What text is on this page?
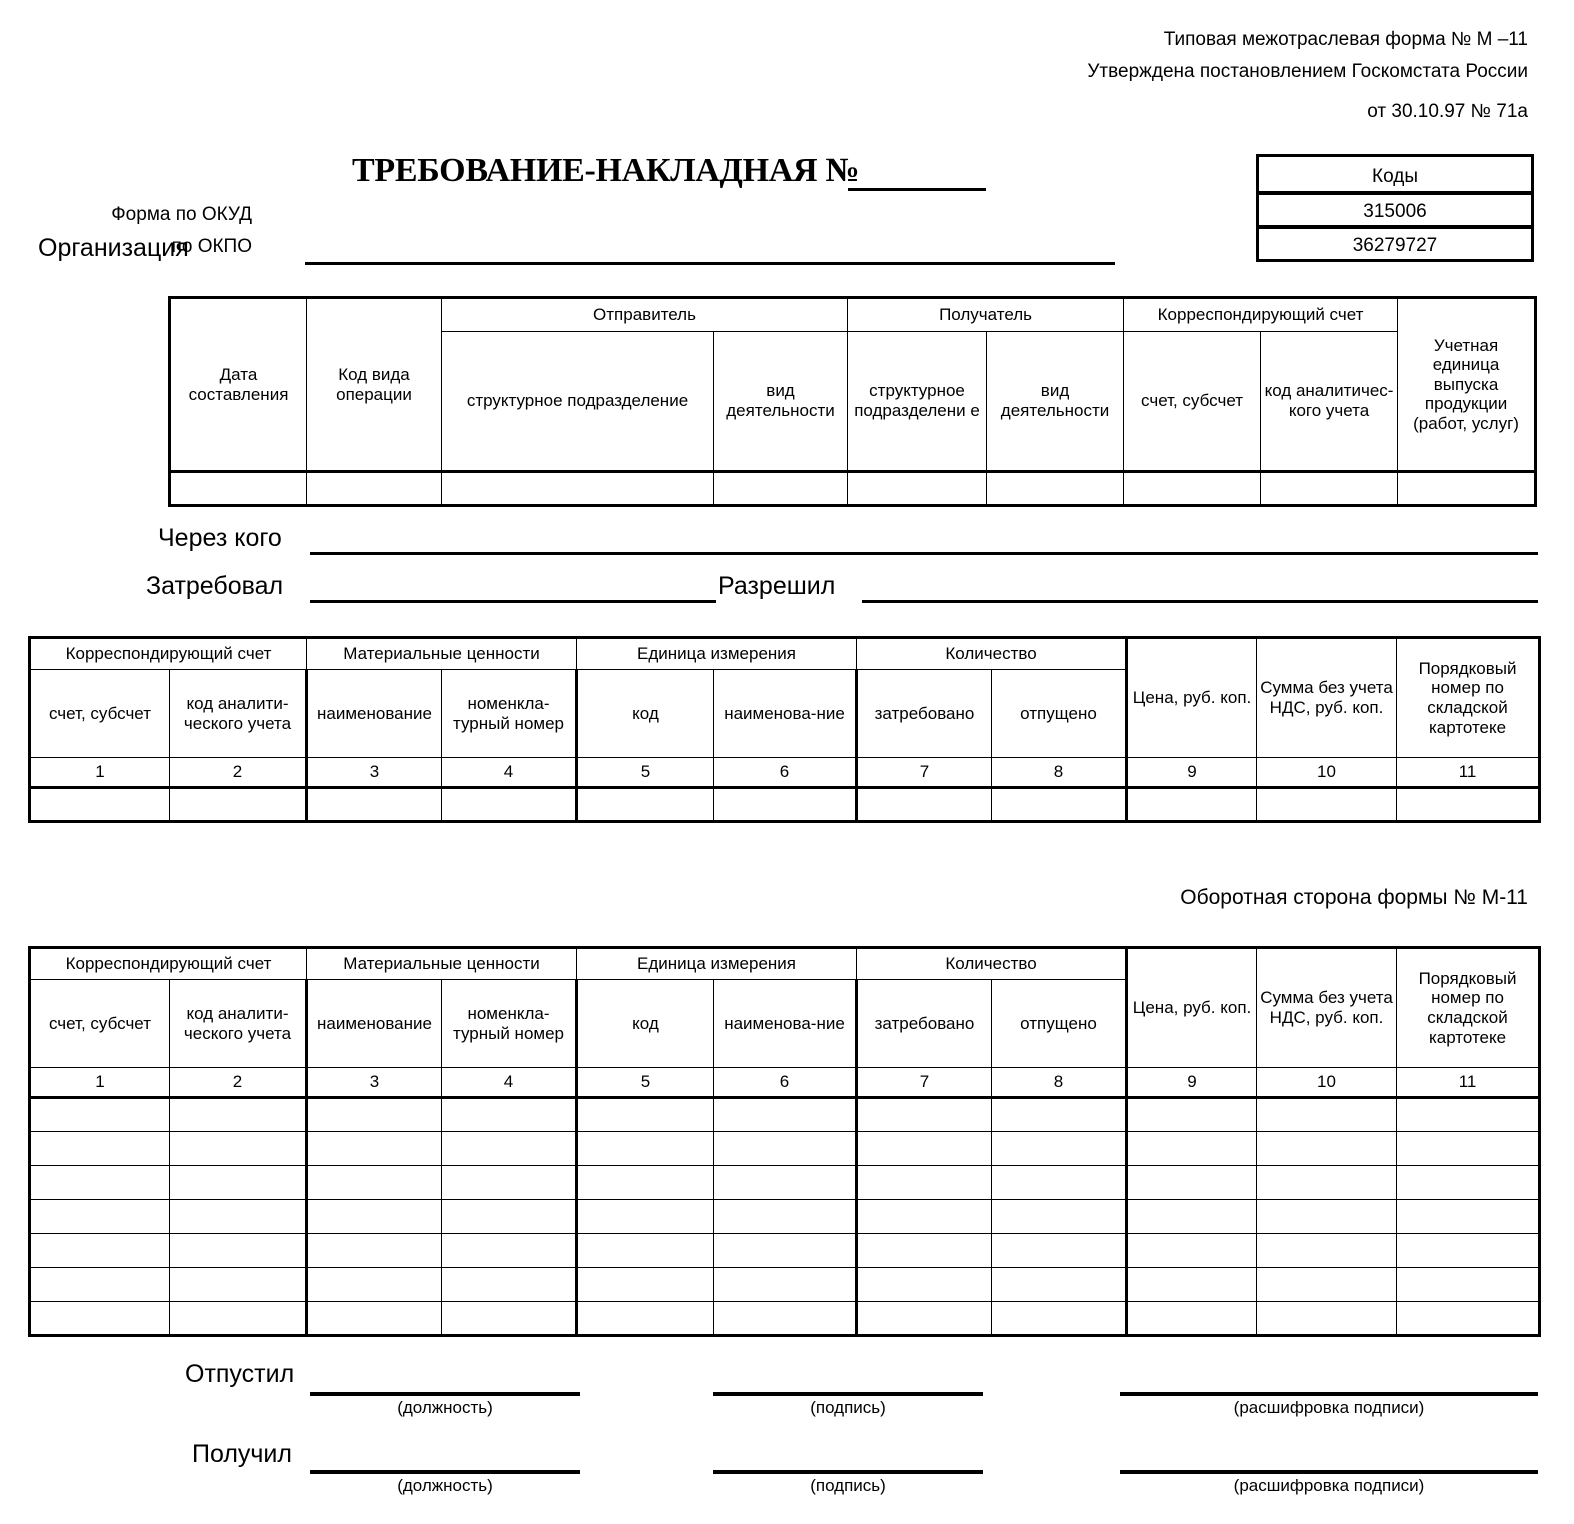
Типовая межотраслевая форма № М –11
Утверждена постановлением Госкомстата России
от 30.10.97 № 71а
ТРЕБОВАНИЕ-НАКЛАДНАЯ №
Форма по ОКУД
по ОКПО
Коды
315006
36279727
Организация
Дата составления	Код вида операции	Отправитель		Получатель		Корреспондирующий счет		Учетная единица выпуска продукции (работ, услуг)
		структурное подразделение	вид деятельности	структурное подразделени е	вид деятельности	счет, субсчет	код аналитичес-кого учета	

Через кого
Затребовал	Разрешил
Корреспондирующий счет		Материальные ценности		Единица измерения		Количество		Цена, руб. коп.	Сумма без учета НДС, руб. коп.	Порядковый номер по складской картотеке
счет, субсчет	код аналити-ческого учета	наименование	номенкла-турный номер	код	наименова-ние	затребовано	отпущено			
1	2	3	4	5	6	7	8	9	10	11

Оборотная сторона формы № М-11
Корреспондирующий счет		Материальные ценности		Единица измерения		Количество		Цена, руб. коп.	Сумма без учета НДС, руб. коп.	Порядковый номер по складской картотеке
счет, субсчет	код аналити-ческого учета	наименование	номенкла-турный номер	код	наименова-ние	затребовано	отпущено			
1	2	3	4	5	6	7	8	9	10	11

Отпустил
(должность)	(подпись)	(расшифровка подписи)
Получил
(должность)	(подпись)	(расшифровка подписи)
